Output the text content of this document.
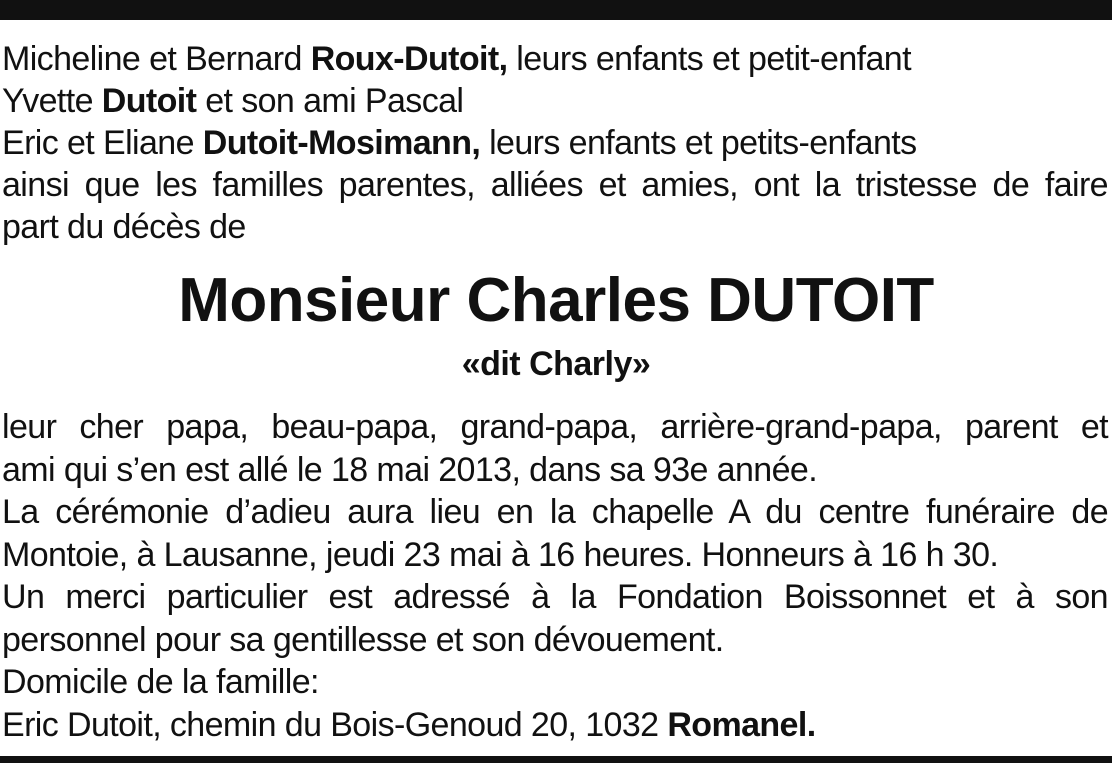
Micheline et Bernard Roux-Dutoit, leurs enfants et petit-enfant
Yvette Dutoit et son ami Pascal
Eric et Eliane Dutoit-Mosimann, leurs enfants et petits-enfants
ainsi que les familles parentes, alliées et amies, ont la tristesse de faire
part du décès de
Monsieur Charles DUTOIT
«dit Charly»
leur cher papa, beau-papa, grand-papa, arrière-grand-papa, parent et
ami qui s’en est allé le 18 mai 2013, dans sa 93e année.
La cérémonie d’adieu aura lieu en la chapelle A du centre funéraire de
Montoie, à Lausanne, jeudi 23 mai à 16 heures. Honneurs à 16 h 30.
Un merci particulier est adressé à la Fondation Boissonnet et à son
personnel pour sa gentillesse et son dévouement.
Domicile de la famille:
Eric Dutoit, chemin du Bois-Genoud 20, 1032 Romanel.
